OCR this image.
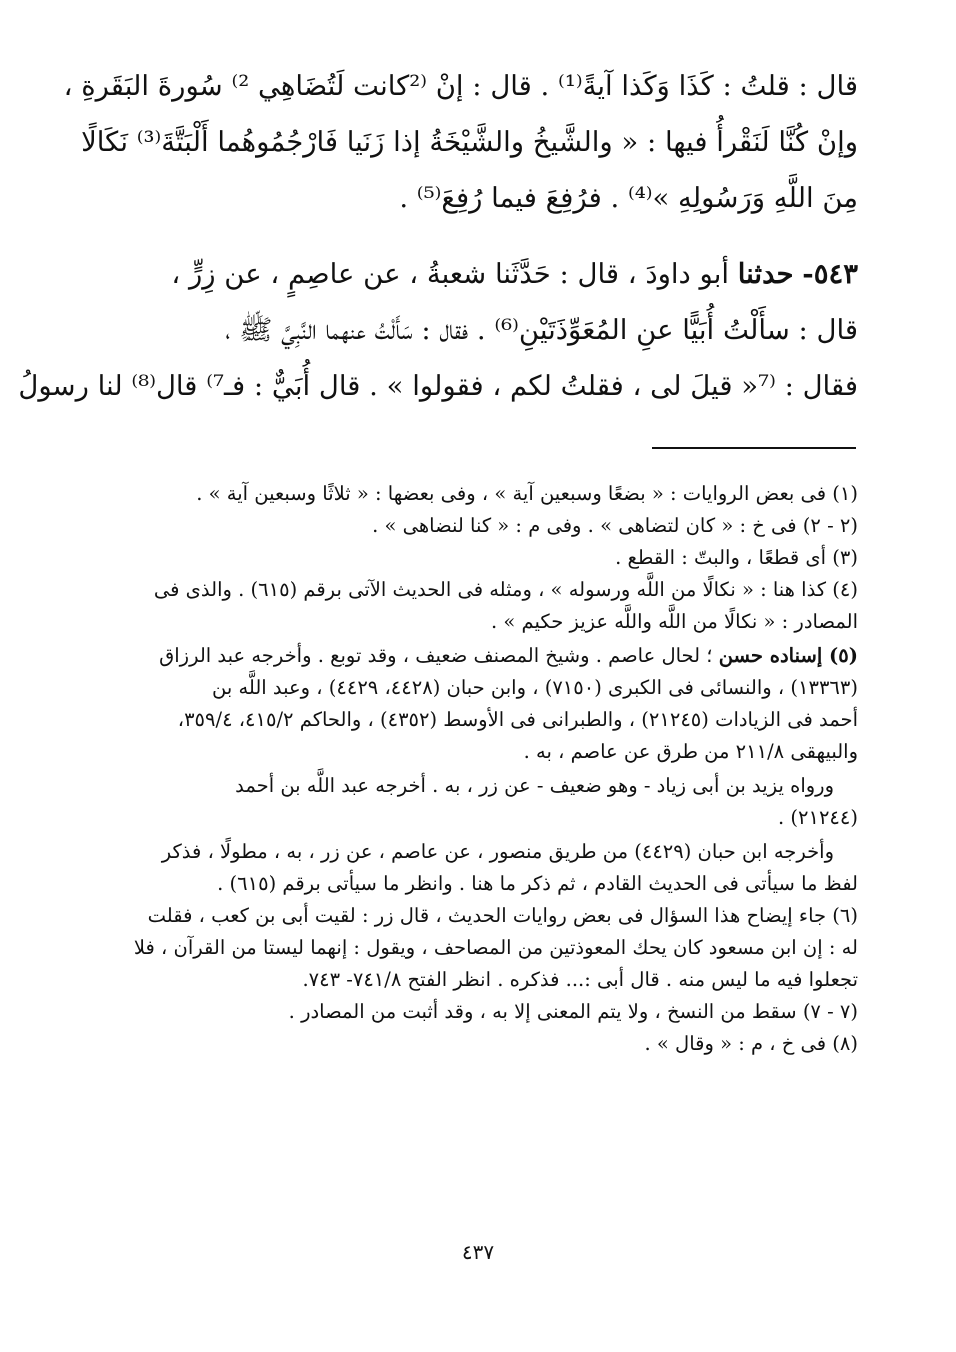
قال : قلتُ : كَذَا وَكَذا آيةً⁽¹⁾ . قال : إنْ ⁽²كانت لَتُضَاهِي ²⁾ سُورةَ البَقَرةِ ،
وإنْ كُنَّا لَنَقْرأُ فيها : « والشَّيخُ والشَّيْخَةُ إذا زَنَيا فَارْجُمُوهُما أَلْبَتَّةَ⁽³⁾ نَكَالًا
مِنَ اللَّهِ وَرَسُولِهِ »⁽⁴⁾ . فرُفِعَ فيما رُفِعَ⁽⁵⁾ .
٥٤٣- حدثنا أبو داودَ ، قال : حَدَّثَنا شعبةُ ، عن عاصِمٍ ، عن زِرٍّ ،
قال : سأَلْتُ أُبَيًّا عنِ المُعَوِّذَتَيْنِ⁽⁶⁾ . فقال : سَأَلْتُ عنهما النَّبِيَّ ﷺ ،
فقال : ⁽⁷« قيلَ لى ، فقلتُ لكم ، فقولوا » . قال أُبَيٌّ : فـ⁷⁾ قال⁽⁸⁾ لنا رسولُ
(١) فى بعض الروايات : « بضعًا وسبعين آية » ، وفى بعضها : « ثلاثًا وسبعين آية » .
(٢ - ٢) فى خ : « كان لتضاهى » . وفى م : « كنا لنضاهى » .
(٣) أى قطعًا ، والبتّ : القطع .
(٤) كذا هنا : « نكالًا من اللَّه ورسوله » ، ومثله فى الحديث الآتى برقم (٦١٥) . والذى فى
المصادر : « نكالًا من اللَّه واللَّه عزيز حكيم » .
(٥) إسناده حسن ؛ لحال عاصم . وشيخ المصنف ضعيف ، وقد توبع . وأخرجه عبد الرزاق
(١٣٣٦٣) ، والنسائى فى الكبرى (٧١٥٠) ، وابن حبان (٤٤٢٨، ٤٤٢٩) ، وعبد اللَّه بن
أحمد فى الزيادات (٢١٢٤٥) ، والطبرانى فى الأوسط (٤٣٥٢) ، والحاكم ٤١٥/٢، ٣٥٩/٤،
والبيهقى ٢١١/٨ من طرق عن عاصم ، به .
ورواه يزيد بن أبى زياد - وهو ضعيف - عن زر ، به . أخرجه عبد اللَّه بن أحمد
(٢١٢٤٤) .
وأخرجه ابن حبان (٤٤٢٩) من طريق منصور ، عن عاصم ، عن زر ، به ، مطولًا ، فذكر
لفظ ما سيأتى فى الحديث القادم ، ثم ذكر ما هنا . وانظر ما سيأتى برقم (٦١٥) .
(٦) جاء إيضاح هذا السؤال فى بعض روايات الحديث ، قال زر : لقيت أبى بن كعب ، فقلت
له : إن ابن مسعود كان يحك المعوذتين من المصاحف ، ويقول : إنهما ليستا من القرآن ، فلا
تجعلوا فيه ما ليس منه . قال أبى :... فذكره . انظر الفتح ٧٤١/٨- ٧٤٣.
(٧ - ٧) سقط من النسخ ، ولا يتم المعنى إلا به ، وقد أثبت من المصادر .
(٨) فى خ ، م : « وقال » .
٤٣٧
